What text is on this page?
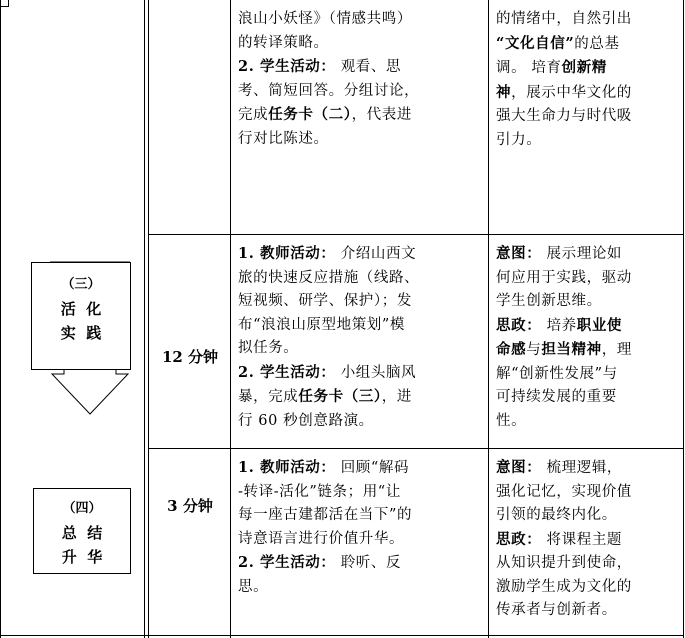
浪山小妖怪》（情感共鸣）
的转译策略。
2. 学生活动： 观看、思
考、简短回答。分组讨论，
完成任务卡（二），代表进
行对比陈述。
的情绪中，自然引出
“文化自信”的总基
调。 培育创新精
神，展示中华文化的
强大生命力与时代吸
引力。
（三）
活  化
实  践
12 分钟
1. 教师活动： 介绍山西文
旅的快速反应措施（线路、
短视频、研学、保护）；发
布“浪浪山原型地策划”模
拟任务。
2. 学生活动： 小组头脑风
暴，完成任务卡（三），进
行 60 秒创意路演。
意图： 展示理论如
何应用于实践，驱动
学生创新思维。
思政： 培养职业使
命感与担当精神，理
解“创新性发展”与
可持续发展的重要
性。
（四）
总  结
升  华
3 分钟
1. 教师活动： 回顾“解码
-转译-活化”链条；用“让
每一座古建都活在当下”的
诗意语言进行价值升华。
2. 学生活动： 聆听、反
思。
意图： 梳理逻辑，
强化记忆，实现价值
引领的最终内化。
思政： 将课程主题
从知识提升到使命，
激励学生成为文化的
传承者与创新者。
